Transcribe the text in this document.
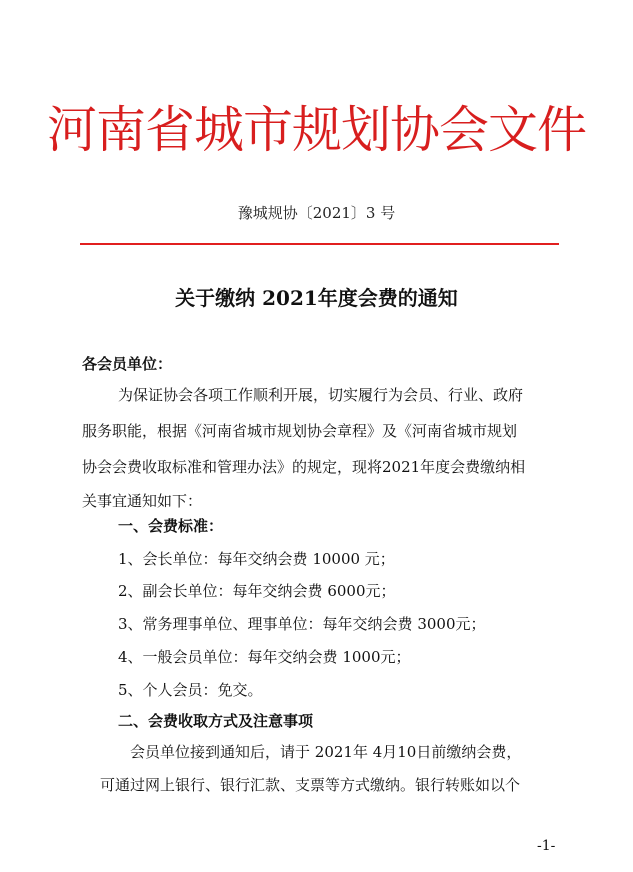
河南省城市规划协会文件
豫城规协〔2021〕3 号
关于缴纳 2021年度会费的通知
各会员单位：
为保证协会各项工作顺利开展，切实履行为会员、行业、政府
服务职能，根据《河南省城市规划协会章程》及《河南省城市规划
协会会费收取标准和管理办法》的规定，现将2021年度会费缴纳相
关事宜通知如下：
一、会费标准：
1、会长单位：每年交纳会费 10000 元；
2、副会长单位：每年交纳会费 6000元；
3、常务理事单位、理事单位：每年交纳会费 3000元；
4、一般会员单位：每年交纳会费 1000元；
5、个人会员：免交。
二、会费收取方式及注意事项
会员单位接到通知后，请于 2021年 4月10日前缴纳会费，
可通过网上银行、银行汇款、支票等方式缴纳。银行转账如以个
-1-
